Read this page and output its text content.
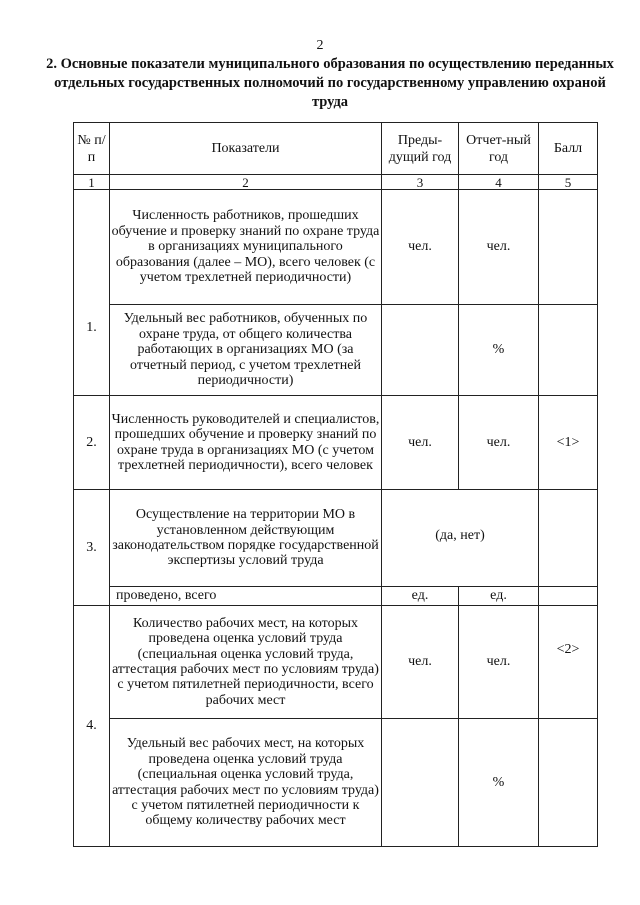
2
2. Основные показатели муниципального образования по осуществлению переданных отдельных государственных полномочий по государственному управлению охраной труда
№ п/п	Показатели	Преды-дущий год	Отчет-ный год	Балл
1	2	3	4	5
1.	Численность работников, прошедших обучение и проверку знаний по охране труда в организациях муниципального образования (далее – МО), всего человек (с учетом трехлетней периодичности)	чел.	чел.	
	Удельный вес работников, обученных по охране труда, от общего количества работающих в организациях МО (за отчетный период, с учетом трехлетней периодичности)		%	
2.	Численность руководителей и специалистов, прошедших обучение и проверку знаний по охране труда в организациях МО (с учетом трехлетней периодичности), всего человек	чел.	чел.	<1>
3.	Осуществление на территории МО в установленном действующим законодательством порядке государственной экспертизы условий труда	(да, нет)		
	проведено, всего	ед.	ед.	
4.	Количество рабочих мест, на которых проведена оценка условий труда (специальная оценка условий труда, аттестация рабочих мест по условиям труда) с учетом пятилетней периодичности, всего рабочих мест	чел.	чел.	<2>
	Удельный вес рабочих мест, на которых проведена оценка условий труда (специальная оценка условий труда, аттестация рабочих мест по условиям труда) с учетом пятилетней периодичности к общему количеству рабочих мест		%	
